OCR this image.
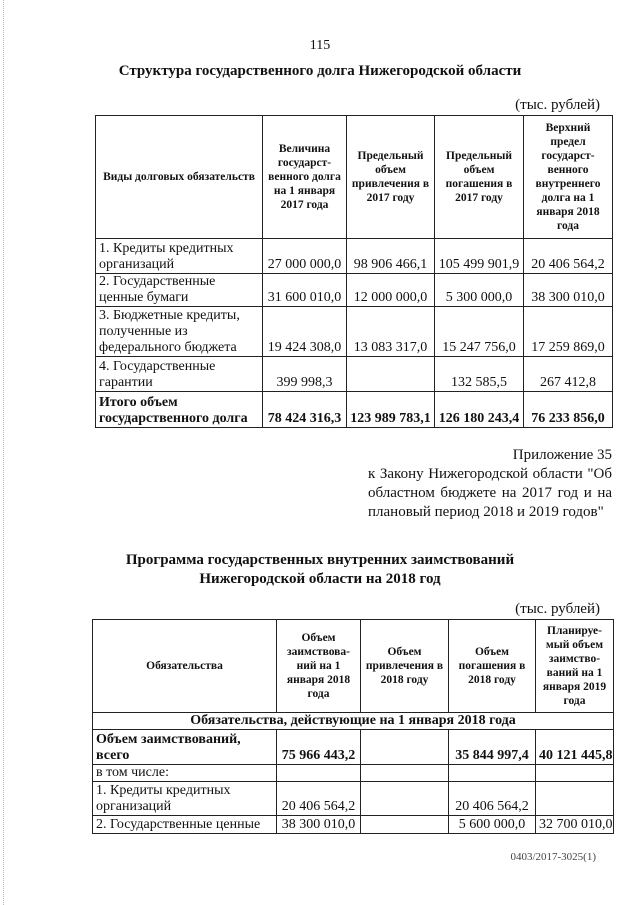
115
Структура государственного долга Нижегородской области
(тыс. рублей)
Виды долговых обязательств	Величина государст-венного долга на 1 января 2017 года	Предельный объем привлечения в 2017 году	Предельный объем погашения в 2017 году	Верхний предел государст-венного внутреннего долга на 1 января 2018 года
1. Кредиты кредитных организаций	27 000 000,0	98 906 466,1	105 499 901,9	20 406 564,2
2. Государственные ценные бумаги	31 600 010,0	12 000 000,0	5 300 000,0	38 300 010,0
3. Бюджетные кредиты, полученные из федерального бюджета	19 424 308,0	13 083 317,0	15 247 756,0	17 259 869,0
4. Государственные гарантии	399 998,3		132 585,5	267 412,8
Итого объем государственного долга	78 424 316,3	123 989 783,1	126 180 243,4	76 233 856,0
Приложение 35
к Закону Нижегородской области "Об областном бюджете на 2017 год и на плановый период 2018 и 2019 годов"
Программа государственных внутренних заимствований
Нижегородской области на 2018 год
(тыс. рублей)
Обязательства	Объем заимствова-ний на 1 января 2018 года	Объем привлечения в 2018 году	Объем погашения в 2018 году	Планируе-мый объем заимство-ваний на 1 января 2019 года
Обязательства, действующие на 1 января 2018 года				
Объем заимствований, всего	75 966 443,2		35 844 997,4	40 121 445,8
в том числе:				
1. Кредиты кредитных организаций	20 406 564,2		20 406 564,2	
2. Государственные ценные	38 300 010,0		5 600 000,0	32 700 010,0
0403/2017-3025(1)
